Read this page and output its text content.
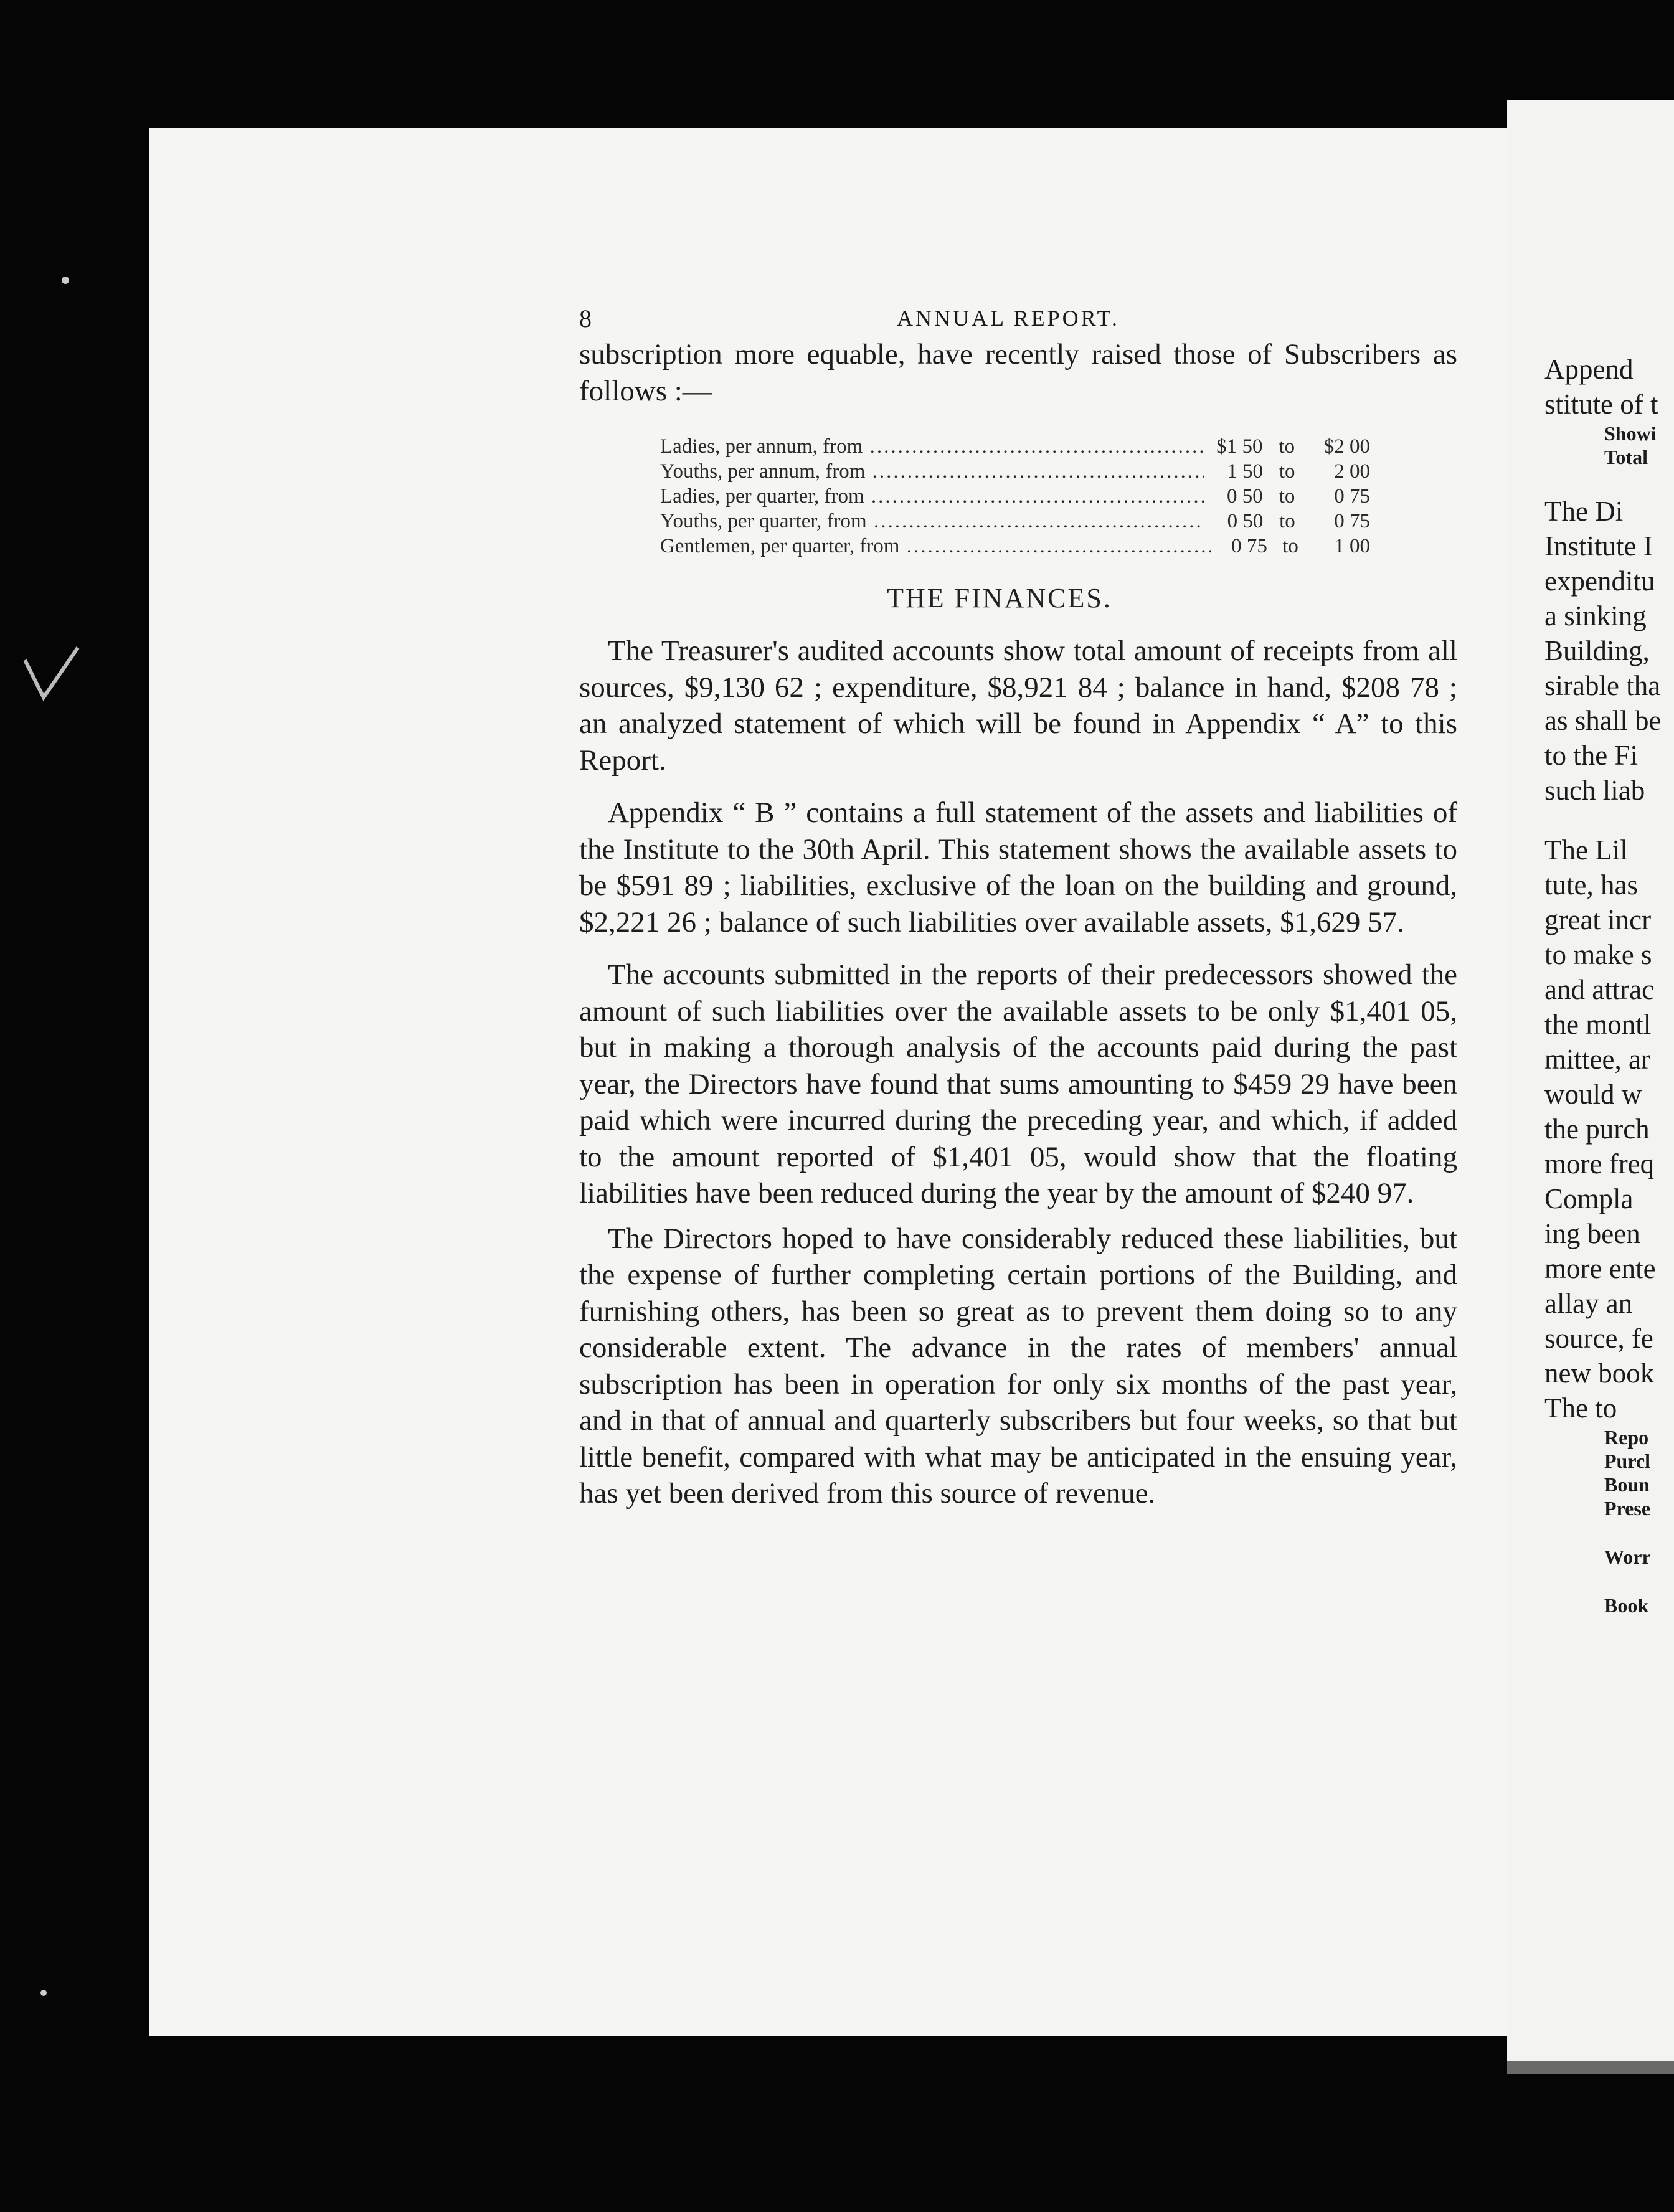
Append
stitute of t
Showi
Total
The Di
Institute I
expenditu
a sinking
Building,
sirable tha
as shall be
to the Fi
such liab
The Lil
tute, has
great incr
to make s
and attrac
the montl
mittee, ar
would w
the purch
more freq
Compla
ing been
more ente
allay an
source, fe
new book
The to
Repo
Purcl
Boun
Prese
Worr
Book
8	ANNUAL REPORT.

subscription more equable, have recently raised those of Subscribers as follows :—

Ladies, per annum, from .....	$1 50 to	$2 00
Youths, per annum, from .....	1 50 to	2 00
Ladies, per quarter, from .....	0 50 to	0 75
Youths, per quarter, from .....	0 50 to	0 75
Gentlemen, per quarter, from .....	0 75 to	1 00
THE FINANCES.

The Treasurer's audited accounts show total amount of receipts from all sources, $9,130 62 ; expenditure, $8,921 84 ; balance in hand, $208 78 ; an analyzed statement of which will be found in Appendix “ A” to this Report.

Appendix “ B ” contains a full statement of the assets and liabilities of the Institute to the 30th April. This statement shows the available assets to be $591 89 ; liabilities, exclusive of the loan on the building and ground, $2,221 26 ; balance of such liabilities over available assets, $1,629 57.

The accounts submitted in the reports of their predecessors showed the amount of such liabilities over the available assets to be only $1,401 05, but in making a thorough analysis of the accounts paid during the past year, the Directors have found that sums amounting to $459 29 have been paid which were incurred during the preceding year, and which, if added to the amount reported of $1,401 05, would show that the floating liabilities have been reduced during the year by the amount of $240 97.

The Directors hoped to have considerably reduced these liabilities, but the expense of further completing certain portions of the Building, and furnishing others, has been so great as to prevent them doing so to any considerable extent. The advance in the rates of members' annual subscription has been in operation for only six months of the past year, and in that of annual and quarterly subscribers but four weeks, so that but little benefit, compared with what may be anticipated in the ensuing year, has yet been derived from this source of revenue.
